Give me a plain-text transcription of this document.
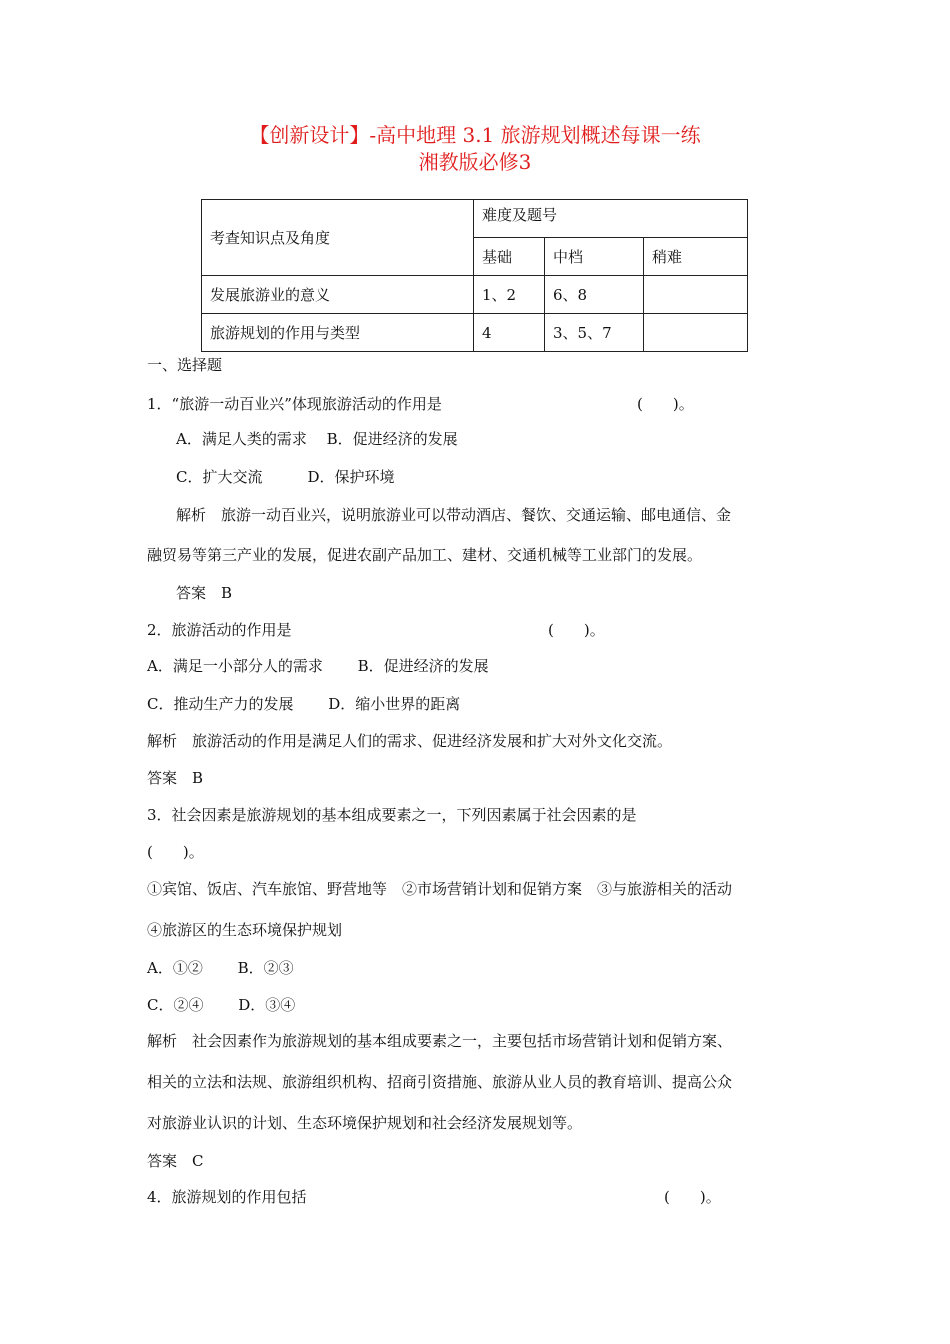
【创新设计】-高中地理 3.1 旅游规划概述每课一练
湘教版必修3
考查知识点及角度	难度及题号		
	基础	中档	稍难
发展旅游业的意义	1、2	6、8	
旅游规划的作用与类型	4	3、5、7	
一、选择题
1．“旅游一动百业兴”体现旅游活动的作用是	(　　)。
A．满足人类的需求　 B．促进经济的发展
C．扩大交流　　　D．保护环境
解析　旅游一动百业兴，说明旅游业可以带动酒店、餐饮、交通运输、邮电通信、金
融贸易等第三产业的发展，促进农副产品加工、建材、交通机械等工业部门的发展。
答案　B
2．旅游活动的作用是	(　　)。
A．满足一小部分人的需求　　 B．促进经济的发展
C．推动生产力的发展　　 D．缩小世界的距离
解析　旅游活动的作用是满足人们的需求、促进经济发展和扩大对外文化交流。
答案　B
3．社会因素是旅游规划的基本组成要素之一，下列因素属于社会因素的是
(　　)。
①宾馆、饭店、汽车旅馆、野营地等　②市场营销计划和促销方案　③与旅游相关的活动
④旅游区的生态环境保护规划
A．①②　　 B．②③
C．②④　　 D．③④
解析　社会因素作为旅游规划的基本组成要素之一，主要包括市场营销计划和促销方案、
相关的立法和法规、旅游组织机构、招商引资措施、旅游从业人员的教育培训、提高公众
对旅游业认识的计划、生态环境保护规划和社会经济发展规划等。
答案　C
4．旅游规划的作用包括	(　　)。
